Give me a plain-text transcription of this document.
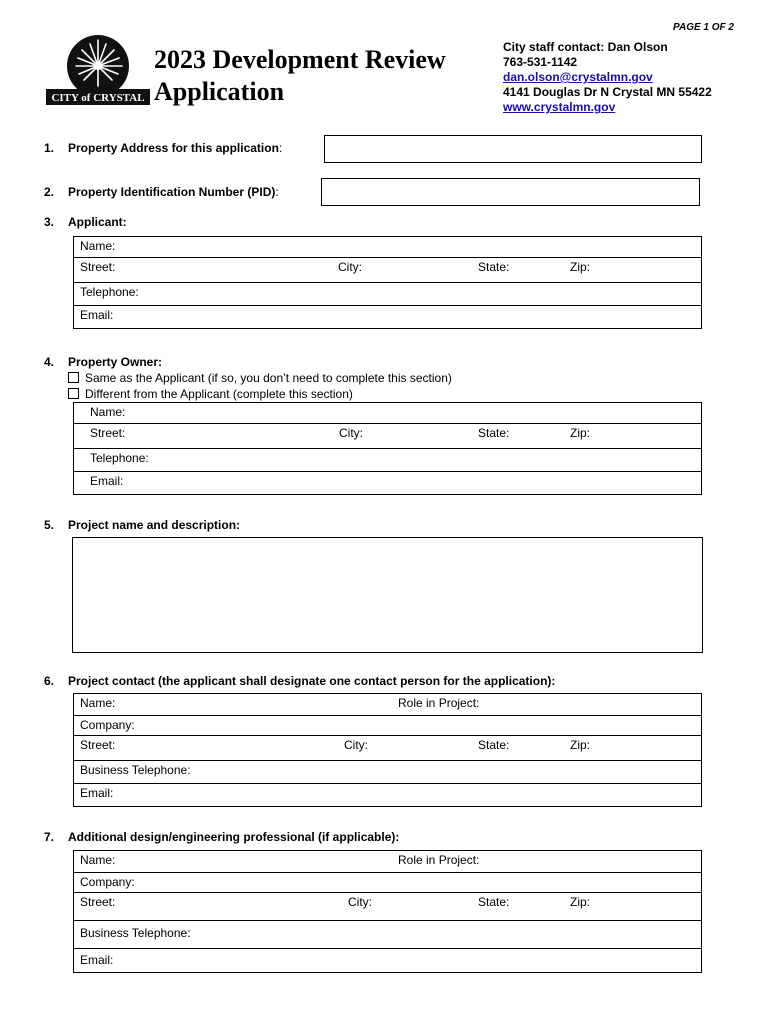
PAGE 1 OF 2
CITY of CRYSTAL
2023 Development Review
Application
City staff contact: Dan Olson
763-531-1142
dan.olson@crystalmn.gov
4141 Douglas Dr N Crystal MN 55422
www.crystalmn.gov
1. Property Address for this application:
2. Property Identification Number (PID):
3. Applicant:
Name:

Street:	City:	State:	Zip:

Telephone:

Email:
4. Property Owner:
Same as the Applicant (if so, you don’t need to complete this section)
Different from the Applicant (complete this section)
Name:

Street:	City:	State:	Zip:

Telephone:

Email:
5. Project name and description:
6. Project contact (the applicant shall designate one contact person for the application):
Name:	Role in Project:

Company:

Street:	City:	State:	Zip:

Business Telephone:

Email:
7. Additional design/engineering professional (if applicable):
Name:	Role in Project:

Company:

Street:	City:	State:	Zip:

Business Telephone:

Email:
